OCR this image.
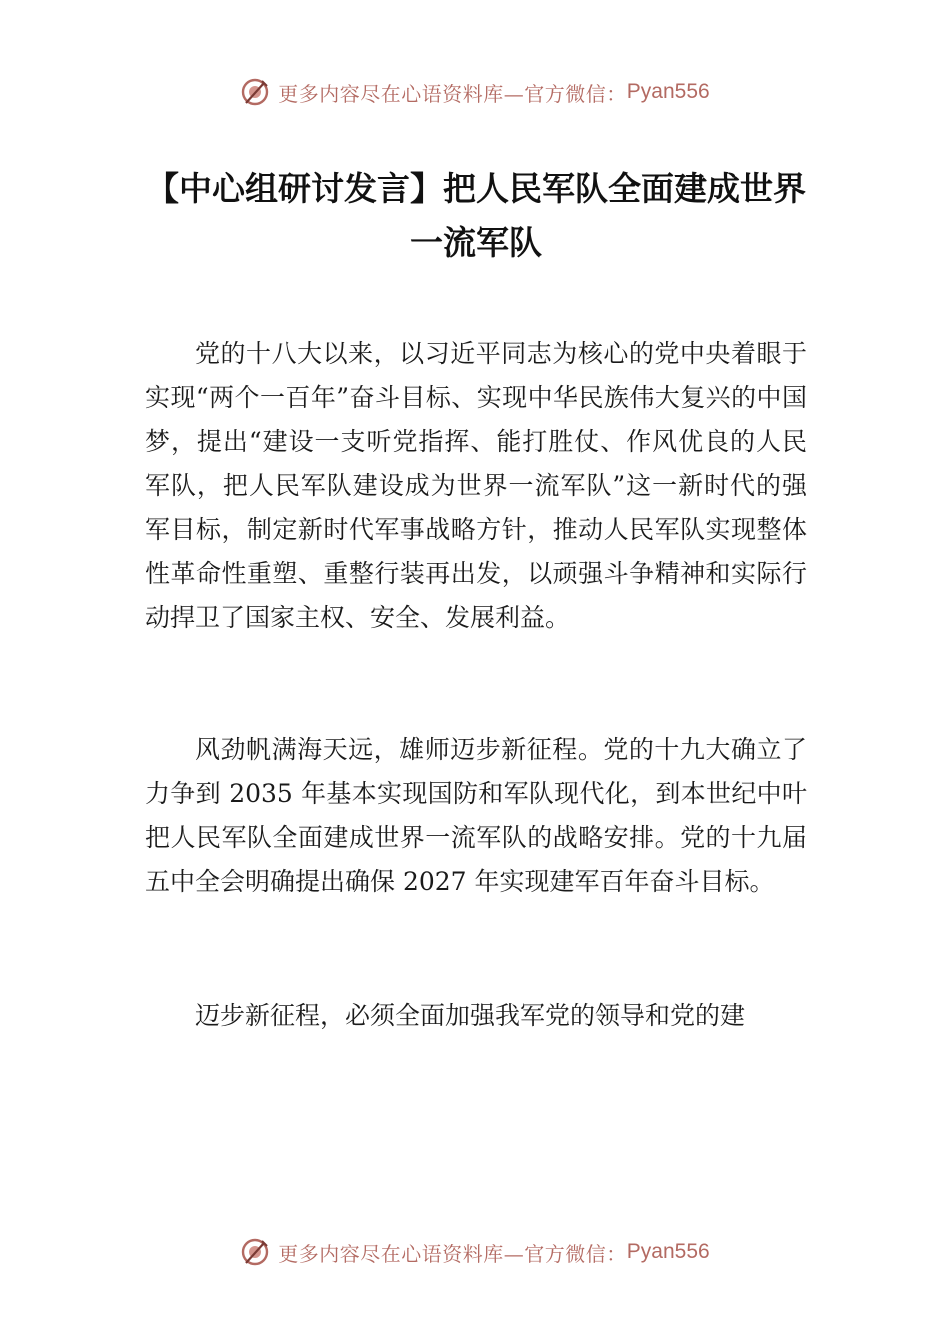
更多内容尽在心语资料库—官方微信： Pyan556
【中心组研讨发言】把人民军队全面建成世界一流军队

党的十八大以来，以习近平同志为核心的党中央着眼于实现“两个一百年”奋斗目标、实现中华民族伟大复兴的中国梦，提出“建设一支听党指挥、能打胜仗、作风优良的人民军队，把人民军队建设成为世界一流军队”这一新时代的强军目标，制定新时代军事战略方针，推动人民军队实现整体性革命性重塑、重整行装再出发，以顽强斗争精神和实际行动捍卫了国家主权、安全、发展利益。

风劲帆满海天远，雄师迈步新征程。党的十九大确立了力争到 2035 年基本实现国防和军队现代化，到本世纪中叶把人民军队全面建成世界一流军队的战略安排。党的十九届五中全会明确提出确保 2027 年实现建军百年奋斗目标。

迈步新征程，必须全面加强我军党的领导和党的建

更多内容尽在心语资料库—官方微信： Pyan556
